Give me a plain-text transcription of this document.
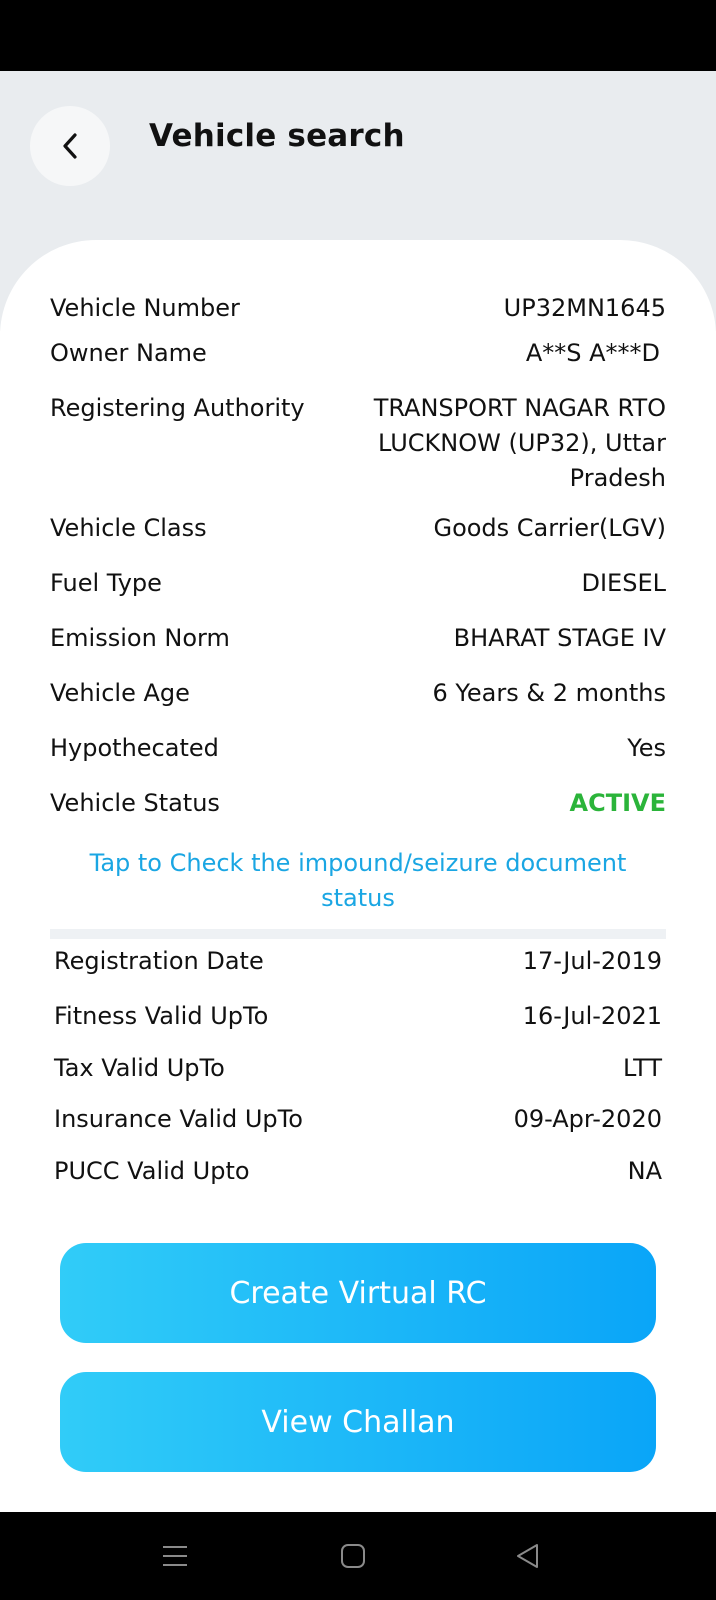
Vehicle search
Vehicle Number	UP32MN1645
Owner Name	A**S A***D
Registering Authority	TRANSPORT NAGAR RTO LUCKNOW (UP32), Uttar Pradesh
Vehicle Class	Goods Carrier(LGV)
Fuel Type	DIESEL
Emission Norm	BHARAT STAGE IV
Vehicle Age	6 Years & 2 months
Hypothecated	Yes
Vehicle Status	ACTIVE
Tap to Check the impound/seizure document status
Registration Date	17-Jul-2019
Fitness Valid UpTo	16-Jul-2021
Tax Valid UpTo	LTT
Insurance Valid UpTo	09-Apr-2020
PUCC Valid Upto	NA
Create Virtual RC
View Challan
